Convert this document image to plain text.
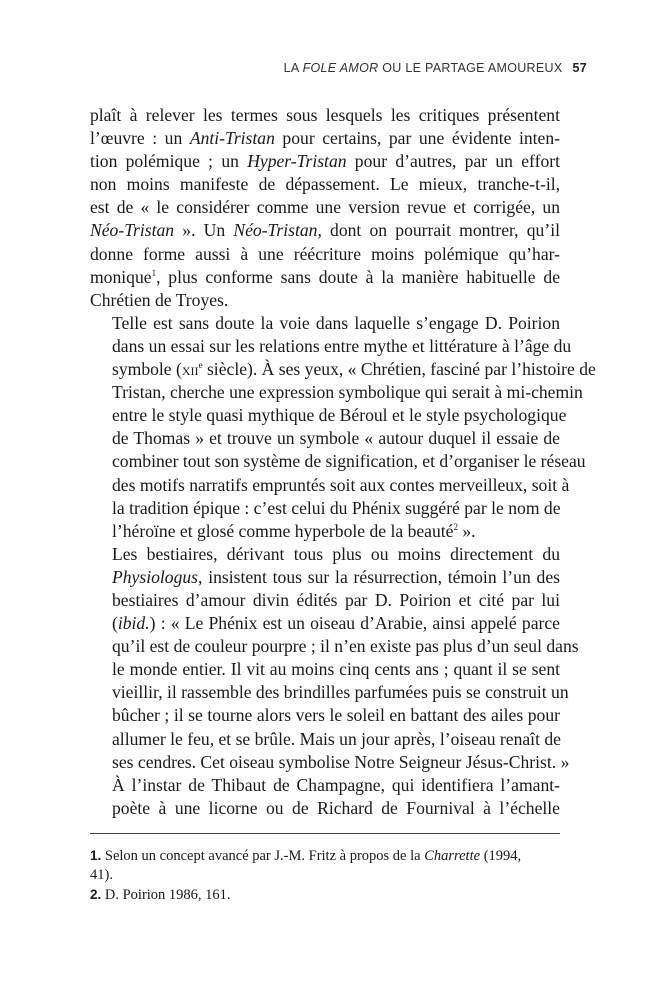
LA FOLE AMOR OU LE PARTAGE AMOUREUX 57

plaît à relever les termes sous lesquels les critiques présentent
l’œuvre : un Anti-Tristan pour certains, par une évidente inten-
tion polémique ; un Hyper-Tristan pour d’autres, par un effort
non moins manifeste de dépassement. Le mieux, tranche-t-il,
est de « le considérer comme une version revue et corrigée, un
Néo-Tristan ». Un Néo-Tristan, dont on pourrait montrer, qu’il
donne forme aussi à une réécriture moins polémique qu’har-
monique$^1$, plus conforme sans doute à la manière habituelle de
Chrétien de Troyes.

Telle est sans doute la voie dans laquelle s’engage D. Poirion
dans un essai sur les relations entre mythe et littérature à l’âge du
symbole (xii$^e$ siècle). À ses yeux, « Chrétien, fasciné par l’histoire de
Tristan, cherche une expression symbolique qui serait à mi-chemin
entre le style quasi mythique de Béroul et le style psychologique
de Thomas » et trouve un symbole « autour duquel il essaie de
combiner tout son système de signification, et d’organiser le réseau
des motifs narratifs empruntés soit aux contes merveilleux, soit à
la tradition épique : c’est celui du Phénix suggéré par le nom de
l’héroïne et glosé comme hyperbole de la beauté$^2$ ».

Les bestiaires, dérivant tous plus ou moins directement du
Physiologus, insistent tous sur la résurrection, témoin l’un des
bestiaires d’amour divin édités par D. Poirion et cité par lui
(ibid.) : « Le Phénix est un oiseau d’Arabie, ainsi appelé parce
qu’il est de couleur pourpre ; il n’en existe pas plus d’un seul dans
le monde entier. Il vit au moins cinq cents ans ; quant il se sent
vieillir, il rassemble des brindilles parfumées puis se construit un
bûcher ; il se tourne alors vers le soleil en battant des ailes pour
allumer le feu, et se brûle. Mais un jour après, l’oiseau renaît de
ses cendres. Cet oiseau symbolise Notre Seigneur Jésus-Christ. »

À l’instar de Thibaut de Champagne, qui identifiera l’amant-
poète à une licorne ou de Richard de Fournival à l’échelle

1. Selon un concept avancé par J.-M. Fritz à propos de la Charrette (1994,
41).

2. D. Poirion 1986, 161.
